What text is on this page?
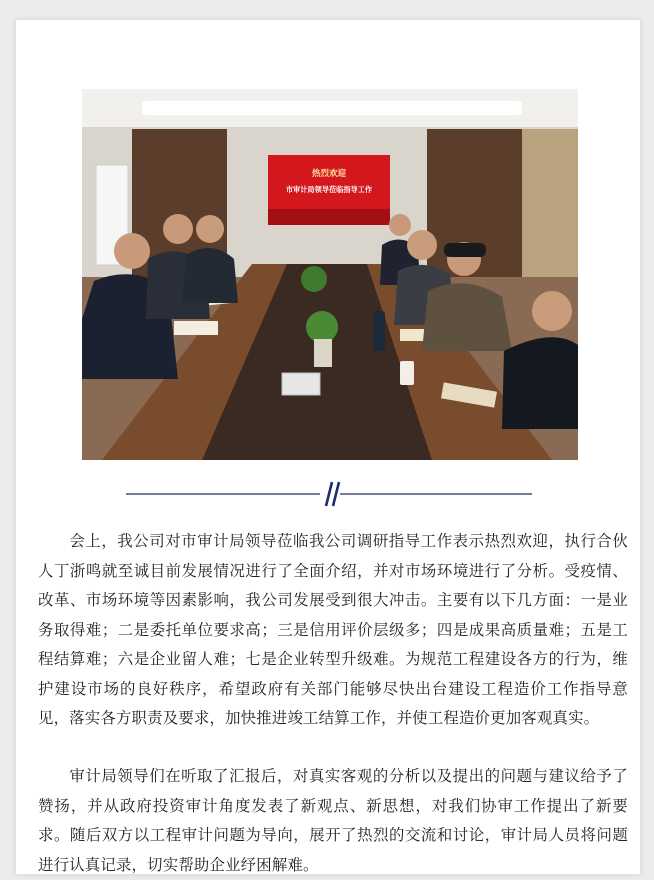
热烈欢迎
市审计局领导莅临指导工作

会上，我公司对市审计局领导莅临我公司调研指导工作表示热烈欢迎，执行合伙人丁浙鸣就至诚目前发展情况进行了全面介绍，并对市场环境进行了分析。受疫情、改革、市场环境等因素影响，我公司发展受到很大冲击。主要有以下几方面：一是业务取得难；二是委托单位要求高；三是信用评价层级多；四是成果高质量难；五是工程结算难；六是企业留人难；七是企业转型升级难。为规范工程建设各方的行为，维护建设市场的良好秩序，希望政府有关部门能够尽快出台建设工程造价工作指导意见，落实各方职责及要求，加快推进竣工结算工作，并使工程造价更加客观真实。

审计局领导们在听取了汇报后，对真实客观的分析以及提出的问题与建议给予了赞扬，并从政府投资审计角度发表了新观点、新思想，对我们协审工作提出了新要求。随后双方以工程审计问题为导向，展开了热烈的交流和讨论，审计局人员将问题进行认真记录，切实帮助企业纾困解难。
